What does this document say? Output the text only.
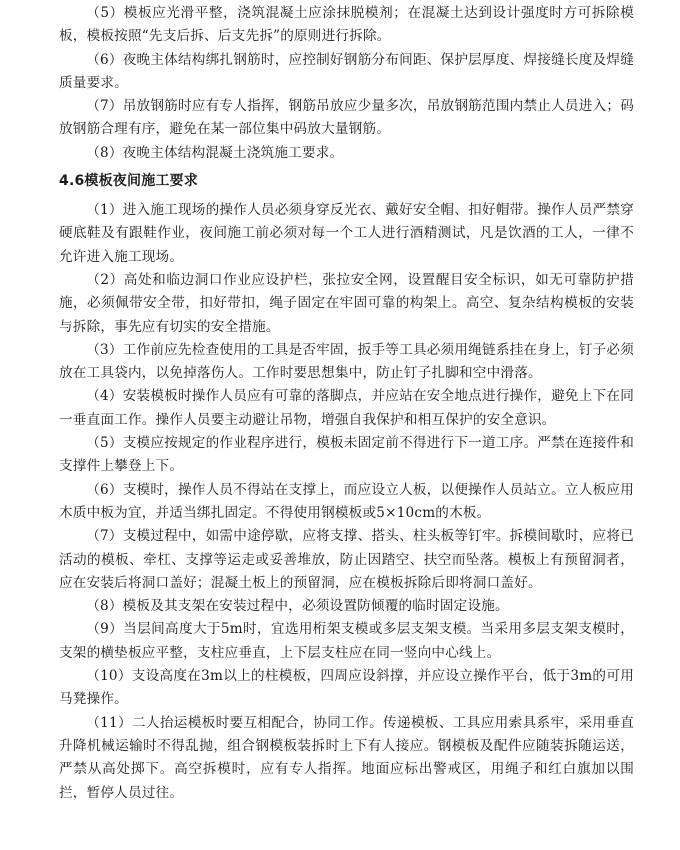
（5）模板应光滑平整，浇筑混凝土应涂抹脱模剂；在混凝土达到设计强度时方可拆除模板，模板按照“先支后拆、后支先拆”的原则进行拆除。

（6）夜晚主体结构绑扎钢筋时，应控制好钢筋分布间距、保护层厚度、焊接缝长度及焊缝质量要求。

（7）吊放钢筋时应有专人指挥，钢筋吊放应少量多次，吊放钢筋范围内禁止人员进入；码放钢筋合理有序，避免在某一部位集中码放大量钢筋。

（8）夜晚主体结构混凝土浇筑施工要求。

4.6模板夜间施工要求

（1）进入施工现场的操作人员必须身穿反光衣、戴好安全帽、扣好帽带。操作人员严禁穿硬底鞋及有跟鞋作业，夜间施工前必须对每一个工人进行酒精测试，凡是饮酒的工人，一律不允许进入施工现场。

（2）高处和临边洞口作业应设护栏，张拉安全网，设置醒目安全标识，如无可靠防护措施，必须佩带安全带，扣好带扣，绳子固定在牢固可靠的构架上。高空、复杂结构模板的安装与拆除，事先应有切实的安全措施。

（3）工作前应先检查使用的工具是否牢固，扳手等工具必须用绳链系挂在身上，钉子必须放在工具袋内，以免掉落伤人。工作时要思想集中，防止钉子扎脚和空中滑落。

（4）安装模板时操作人员应有可靠的落脚点，并应站在安全地点进行操作，避免上下在同一垂直面工作。操作人员要主动避让吊物，增强自我保护和相互保护的安全意识。

（5）支模应按规定的作业程序进行，模板未固定前不得进行下一道工序。严禁在连接件和支撑件上攀登上下。

（6）支模时，操作人员不得站在支撑上，而应设立人板，以便操作人员站立。立人板应用木质中板为宜，并适当绑扎固定。不得使用钢模板或5×10cm的木板。

（7）支模过程中，如需中途停歇，应将支撑、搭头、柱头板等钉牢。拆模间歇时，应将已活动的模板、牵杠、支撑等运走或妥善堆放，防止因踏空、扶空而坠落。模板上有预留洞者，应在安装后将洞口盖好；混凝土板上的预留洞，应在模板拆除后即将洞口盖好。

（8）模板及其支架在安装过程中，必须设置防倾覆的临时固定设施。

（9）当层间高度大于5m时，宜选用桁架支模或多层支架支模。当采用多层支架支模时，支架的横垫板应平整，支柱应垂直，上下层支柱应在同一竖向中心线上。

（10）支设高度在3m以上的柱模板，四周应设斜撑，并应设立操作平台，低于3m的可用马凳操作。

（11）二人抬运模板时要互相配合，协同工作。传递模板、工具应用索具系牢，采用垂直升降机械运输时不得乱抛，组合钢模板装拆时上下有人接应。钢模板及配件应随装拆随运送，严禁从高处掷下。高空拆模时，应有专人指挥。地面应标出警戒区，用绳子和红白旗加以围拦，暂停人员过往。
